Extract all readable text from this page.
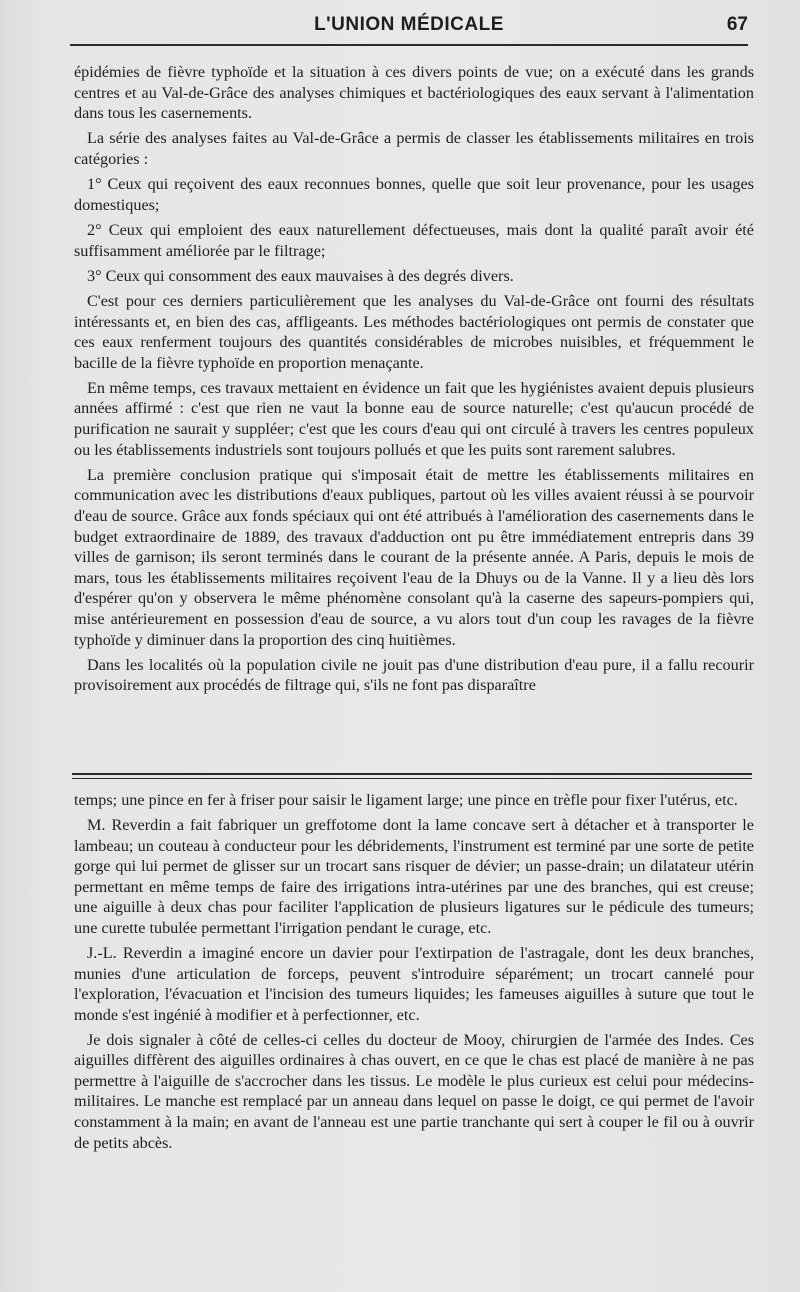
L'UNION MÉDICALE	67

épidémies de fièvre typhoïde et la situation à ces divers points de vue; on a exécuté dans les grands centres et au Val-de-Grâce des analyses chimiques et bactériologiques des eaux servant à l'alimentation dans tous les casernements.

La série des analyses faites au Val-de-Grâce a permis de classer les établissements militaires en trois catégories :

1° Ceux qui reçoivent des eaux reconnues bonnes, quelle que soit leur provenance, pour les usages domestiques;

2° Ceux qui emploient des eaux naturellement défectueuses, mais dont la qualité paraît avoir été suffisamment améliorée par le filtrage;

3° Ceux qui consomment des eaux mauvaises à des degrés divers.

C'est pour ces derniers particulièrement que les analyses du Val-de-Grâce ont fourni des résultats intéressants et, en bien des cas, affligeants. Les méthodes bactériologiques ont permis de constater que ces eaux renferment toujours des quantités considérables de microbes nuisibles, et fréquemment le bacille de la fièvre typhoïde en proportion menaçante.

En même temps, ces travaux mettaient en évidence un fait que les hygiénistes avaient depuis plusieurs années affirmé : c'est que rien ne vaut la bonne eau de source naturelle; c'est qu'aucun procédé de purification ne saurait y suppléer; c'est que les cours d'eau qui ont circulé à travers les centres populeux ou les établissements industriels sont toujours pollués et que les puits sont rarement salubres.

La première conclusion pratique qui s'imposait était de mettre les établissements militaires en communication avec les distributions d'eaux publiques, partout où les villes avaient réussi à se pourvoir d'eau de source. Grâce aux fonds spéciaux qui ont été attribués à l'amélioration des casernements dans le budget extraordinaire de 1889, des travaux d'adduction ont pu être immédiatement entrepris dans 39 villes de garnison; ils seront terminés dans le courant de la présente année. A Paris, depuis le mois de mars, tous les établissements militaires reçoivent l'eau de la Dhuys ou de la Vanne. Il y a lieu dès lors d'espérer qu'on y observera le même phénomène consolant qu'à la caserne des sapeurs-pompiers qui, mise antérieurement en possession d'eau de source, a vu alors tout d'un coup les ravages de la fièvre typhoïde y diminuer dans la proportion des cinq huitièmes.

Dans les localités où la population civile ne jouit pas d'une distribution d'eau pure, il a fallu recourir provisoirement aux procédés de filtrage qui, s'ils ne font pas disparaître

temps; une pince en fer à friser pour saisir le ligament large; une pince en trèfle pour fixer l'utérus, etc.

M. Reverdin a fait fabriquer un greffotome dont la lame concave sert à détacher et à transporter le lambeau; un couteau à conducteur pour les débridements, l'instrument est terminé par une sorte de petite gorge qui lui permet de glisser sur un trocart sans risquer de dévier; un passe-drain; un dilatateur utérin permettant en même temps de faire des irrigations intra-utérines par une des branches, qui est creuse; une aiguille à deux chas pour faciliter l'application de plusieurs ligatures sur le pédicule des tumeurs; une curette tubulée permettant l'irrigation pendant le curage, etc.

J.-L. Reverdin a imaginé encore un davier pour l'extirpation de l'astragale, dont les deux branches, munies d'une articulation de forceps, peuvent s'introduire séparément; un trocart cannelé pour l'exploration, l'évacuation et l'incision des tumeurs liquides; les fameuses aiguilles à suture que tout le monde s'est ingénié à modifier et à perfectionner, etc.

Je dois signaler à côté de celles-ci celles du docteur de Mooy, chirurgien de l'armée des Indes. Ces aiguilles diffèrent des aiguilles ordinaires à chas ouvert, en ce que le chas est placé de manière à ne pas permettre à l'aiguille de s'accrocher dans les tissus. Le modèle le plus curieux est celui pour médecins-militaires. Le manche est remplacé par un anneau dans lequel on passe le doigt, ce qui permet de l'avoir constamment à la main; en avant de l'anneau est une partie tranchante qui sert à couper le fil ou à ouvrir de petits abcès.
